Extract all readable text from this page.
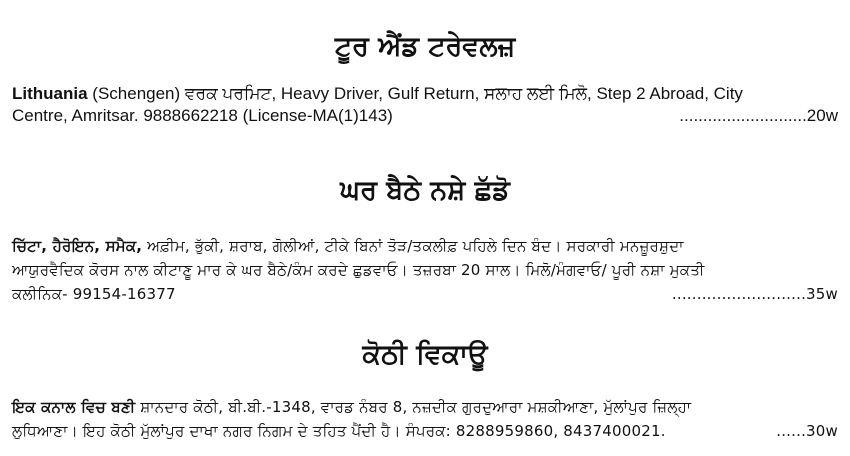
ਟੂਰ ਐਂਡ ਟਰੇਵਲਜ਼
Lithuania (Schengen) ਵਰਕ ਪਰਮਿਟ, Heavy Driver, Gulf Return, ਸਲਾਹ ਲਈ ਮਿਲੋ, Step 2 Abroad, City
Centre, Amritsar. 9888662218 (License-MA(1)143)	...........................20w
ਘਰ ਬੈਠੇ ਨਸ਼ੇ ਛੱਡੋ
ਚਿੱਟਾ, ਹੈਰੋਇਨ, ਸਮੈਕ, ਅਫ਼ੀਮ, ਭੁੱਕੀ, ਸ਼ਰਾਬ, ਗੋਲੀਆਂ, ਟੀਕੇ ਬਿਨਾਂ ਤੋੜ/ਤਕਲੀਫ਼ ਪਹਿਲੇ ਦਿਨ ਬੰਦ। ਸਰਕਾਰੀ ਮਨਜ਼ੂਰਸ਼ੁਦਾ
ਆਯੁਰਵੈਦਿਕ ਕੋਰਸ ਨਾਲ ਕੀਟਾਣੂ ਮਾਰ ਕੇ ਘਰ ਬੈਠੇ/ਕੰਮ ਕਰਦੇ ਛੁਡਵਾਓ। ਤਜ਼ਰਬਾ 20 ਸਾਲ। ਮਿਲੋ/ਮੰਗਵਾਓ/ ਪੂਰੀ ਨਸ਼ਾ ਮੁਕਤੀ
ਕਲੀਨਿਕ- 99154-16377	...........................35w
ਕੋਠੀ ਵਿਕਾਊ
ਇਕ ਕਨਾਲ ਵਿਚ ਬਣੀ ਸ਼ਾਨਦਾਰ ਕੋਠੀ, ਬੀ.ਬੀ.-1348, ਵਾਰਡ ਨੰਬਰ 8, ਨਜ਼ਦੀਕ ਗੁਰਦੁਆਰਾ ਮਸ਼ਕੀਆਣਾ, ਮੁੱਲਾਂਪੁਰ ਜ਼ਿਲ੍ਹਾ
ਲੁਧਿਆਣਾ। ਇਹ ਕੋਠੀ ਮੁੱਲਾਂਪੁਰ ਦਾਖਾ ਨਗਰ ਨਿਗਮ ਦੇ ਤਹਿਤ ਪੈਂਦੀ ਹੈ। ਸੰਪਰਕ: 8288959860, 8437400021.	......30w
